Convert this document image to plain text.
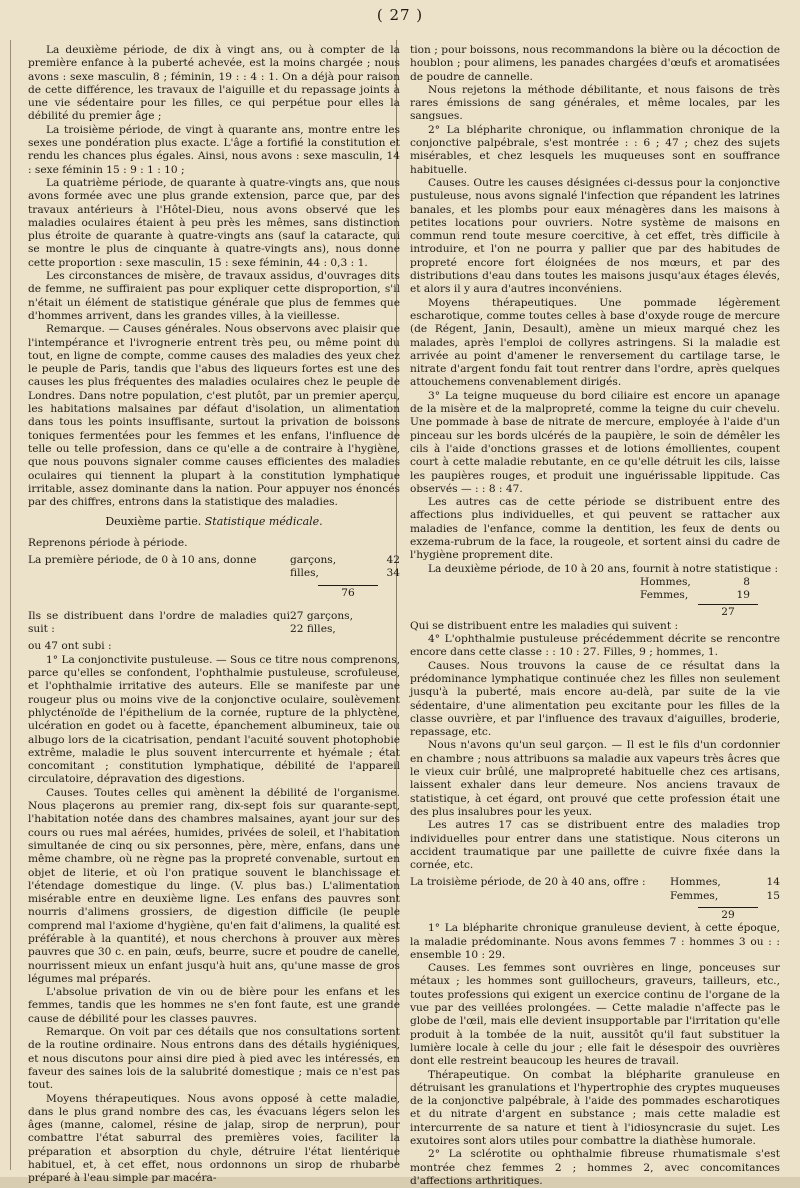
( 27 )

La deuxième période, de dix à vingt ans, ou à compter de la première enfance à la puberté achevée, est la moins chargée ; nous avons : sexe masculin, 8 ; féminin, 19 : : 4 : 1. On a déjà pour raison de cette différence, les travaux de l'aiguille et du repassage joints à une vie sédentaire pour les filles, ce qui perpétue pour elles la débilité du premier âge ;

La troisième période, de vingt à quarante ans, montre entre les sexes une pondération plus exacte. L'âge a fortifié la constitution et rendu les chances plus égales. Ainsi, nous avons : sexe masculin, 14 : sexe féminin 15 : 9 : 1 : 10 ;

La quatrième période, de quarante à quatre-vingts ans, que nous avons formée avec une plus grande extension, parce que, par des travaux antérieurs à l'Hôtel-Dieu, nous avons observé que les maladies oculaires étaient à peu près les mêmes, sans distinction plus étroite de quarante à quatre-vingts ans (sauf la cataracte, qui se montre le plus de cinquante à quatre-vingts ans), nous donne cette proportion : sexe masculin, 15 : sexe féminin, 44 : 0,3 : 1.

Les circonstances de misère, de travaux assidus, d'ouvrages dits de femme, ne suffiraient pas pour expliquer cette disproportion, s'il n'était un élément de statistique générale que plus de femmes que d'hommes arrivent, dans les grandes villes, à la vieillesse.

Remarque. — Causes générales. Nous observons avec plaisir que l'intempérance et l'ivrognerie entrent très peu, ou même point du tout, en ligne de compte, comme causes des maladies des yeux chez le peuple de Paris, tandis que l'abus des liqueurs fortes est une des causes les plus fréquentes des maladies oculaires chez le peuple de Londres. Dans notre population, c'est plutôt, par un premier aperçu, les habitations malsaines par défaut d'isolation, un alimentation dans tous les points insuffisante, surtout la privation de boissons toniques fermentées pour les femmes et les enfans, l'influence de telle ou telle profession, dans ce qu'elle a de contraire à l'hygiène, que nous pouvons signaler comme causes efficientes des maladies oculaires qui tiennent la plupart à la constitution lymphatique irritable, assez dominante dans la nation. Pour appuyer nos énoncés par des chiffres, entrons dans la statistique des maladies.

Deuxième partie. Statistique médicale.

Reprenons période à période.

La première période, de 0 à 10 ans, donne	garçons,	42
filles,	34
76
Ils se distribuent dans l'ordre de maladies qui suit :
27 garçons,
22 filles,

ou 47 ont subi :

1° La conjonctivite pustuleuse. — Sous ce titre nous comprenons, parce qu'elles se confondent, l'ophthalmie pustuleuse, scrofuleuse, et l'ophthalmie irritative des auteurs. Elle se manifeste par une rougeur plus ou moins vive de la conjonctive oculaire, soulèvement phlycténoïde de l'épithelium de la cornée, rupture de la phlyctène, ulcération en godet ou à facette, épanchement albumineux, taie ou albugo lors de la cicatrisation, pendant l'acuité souvent photophobie extrême, maladie le plus souvent intercurrente et hyémale ; état concomitant ; constitution lymphatique, débilité de l'appareil circulatoire, dépravation des digestions.

Causes. Toutes celles qui amènent la débilité de l'organisme. Nous plaçerons au premier rang, dix-sept fois sur quarante-sept, l'habitation notée dans des chambres malsaines, ayant jour sur des cours ou rues mal aérées, humides, privées de soleil, et l'habitation simultanée de cinq ou six personnes, père, mère, enfans, dans une même chambre, où ne règne pas la propreté convenable, surtout en objet de literie, et où l'on pratique souvent le blanchissage et l'étendage domestique du linge. (V. plus bas.) L'alimentation misérable entre en deuxième ligne. Les enfans des pauvres sont nourris d'alimens grossiers, de digestion difficile (le peuple comprend mal l'axiome d'hygiène, qu'en fait d'alimens, la qualité est préférable à la quantité), et nous cherchons à prouver aux mères pauvres que 30 c. en pain, œufs, beurre, sucre et poudre de canelle, nourrissent mieux un enfant jusqu'à huit ans, qu'une masse de gros légumes mal préparés.

L'absolue privation de vin ou de bière pour les enfans et les femmes, tandis que les hommes ne s'en font faute, est une grande cause de débilité pour les classes pauvres.

Remarque. On voit par ces détails que nos consultations sortent de la routine ordinaire. Nous entrons dans des détails hygiéniques, et nous discutons pour ainsi dire pied à pied avec les intéressés, en faveur des saines lois de la salubrité domestique ; mais ce n'est pas tout.

Moyens thérapeutiques. Nous avons opposé à cette maladie, dans le plus grand nombre des cas, les évacuans légers selon les âges (manne, calomel, résine de jalap, sirop de nerprun), pour combattre l'état saburral des premières voies, faciliter la préparation et absorption du chyle, détruire l'état lientérique habituel, et, à cet effet, nous ordonnons un sirop de rhubarbe préparé à l'eau simple par macéra-

tion ; pour boissons, nous recommandons la bière ou la décoction de houblon ; pour alimens, les panades chargées d'œufs et aromatisées de poudre de cannelle.

Nous rejetons la méthode débilitante, et nous faisons de très rares émissions de sang générales, et même locales, par les sangsues.

2° La blépharite chronique, ou inflammation chronique de la conjonctive palpébrale, s'est montrée : : 6 ; 47 ; chez des sujets misérables, et chez lesquels les muqueuses sont en souffrance habituelle.

Causes. Outre les causes désignées ci-dessus pour la conjonctive pustuleuse, nous avons signalé l'infection que répandent les latrines banales, et les plombs pour eaux ménagères dans les maisons à petites locations pour ouvriers. Notre système de maisons en commun rend toute mesure coercitive, à cet effet, très difficile à introduire, et l'on ne pourra y pallier que par des habitudes de propreté encore fort éloignées de nos mœurs, et par des distributions d'eau dans toutes les maisons jusqu'aux étages élevés, et alors il y aura d'autres inconvéniens.

Moyens thérapeutiques. Une pommade légèrement escharotique, comme toutes celles à base d'oxyde rouge de mercure (de Régent, Janin, Desault), amène un mieux marqué chez les malades, après l'emploi de collyres astringens. Si la maladie est arrivée au point d'amener le renversement du cartilage tarse, le nitrate d'argent fondu fait tout rentrer dans l'ordre, après quelques attouchemens convenablement dirigés.

3° La teigne muqueuse du bord ciliaire est encore un apanage de la misère et de la malpropreté, comme la teigne du cuir chevelu. Une pommade à base de nitrate de mercure, employée à l'aide d'un pinceau sur les bords ulcérés de la paupière, le soin de démêler les cils à l'aide d'onctions grasses et de lotions émollientes, coupent court à cette maladie rebutante, en ce qu'elle détruit les cils, laisse les paupières rouges, et produit une inguérissable lippitude. Cas observés — : : 8 : 47.

Les autres cas de cette période se distribuent entre des affections plus individuelles, et qui peuvent se rattacher aux maladies de l'enfance, comme la dentition, les feux de dents ou exzema-rubrum de la face, la rougeole, et sortent ainsi du cadre de l'hygiène proprement dite.

La deuxième période, de 10 à 20 ans, fournit à notre statistique :

Hommes,	8
Femmes,	19
27

Qui se distribuent entre les maladies qui suivent :

4° L'ophthalmie pustuleuse précédemment décrite se rencontre encore dans cette classe : : 10 : 27. Filles, 9 ; hommes, 1.

Causes. Nous trouvons la cause de ce résultat dans la prédominance lymphatique continuée chez les filles non seulement jusqu'à la puberté, mais encore au-delà, par suite de la vie sédentaire, d'une alimentation peu excitante pour les filles de la classe ouvrière, et par l'influence des travaux d'aiguilles, broderie, repassage, etc.

Nous n'avons qu'un seul garçon. — Il est le fils d'un cordonnier en chambre ; nous attribuons sa maladie aux vapeurs très âcres que le vieux cuir brûlé, une malpropreté habituelle chez ces artisans, laissent exhaler dans leur demeure. Nos anciens travaux de statistique, à cet égard, ont prouvé que cette profession était une des plus insalubres pour les yeux.

Les autres 17 cas se distribuent entre des maladies trop individuelles pour entrer dans une statistique. Nous citerons un accident traumatique par une paillette de cuivre fixée dans la cornée, etc.

La troisième période, de 20 à 40 ans, offre :	Hommes,	14
Femmes,	15
29

1° La blépharite chronique granuleuse devient, à cette époque, la maladie prédominante. Nous avons femmes 7 : hommes 3 ou : : ensemble 10 : 29.

Causes. Les femmes sont ouvrières en linge, ponceuses sur métaux ; les hommes sont guillocheurs, graveurs, tailleurs, etc., toutes professions qui exigent un exercice continu de l'organe de la vue par des veillées prolongées. — Cette maladie n'affecte pas le globe de l'œil, mais elle devient insupportable par l'irritation qu'elle produit à la tombée de la nuit, aussitôt qu'il faut substituer la lumière locale à celle du jour ; elle fait le désespoir des ouvrières dont elle restreint beaucoup les heures de travail.

Thérapeutique. On combat la blépharite granuleuse en détruisant les granulations et l'hypertrophie des cryptes muqueuses de la conjonctive palpébrale, à l'aide des pommades escharotiques et du nitrate d'argent en substance ; mais cette maladie est intercurrente de sa nature et tient à l'idiosyncrasie du sujet. Les exutoires sont alors utiles pour combattre la diathèse humorale.

2° La sclérotite ou ophthalmie fibreuse rhumatismale s'est montrée chez femmes 2 ; hommes 2, avec concomitances d'affections arthritiques.
